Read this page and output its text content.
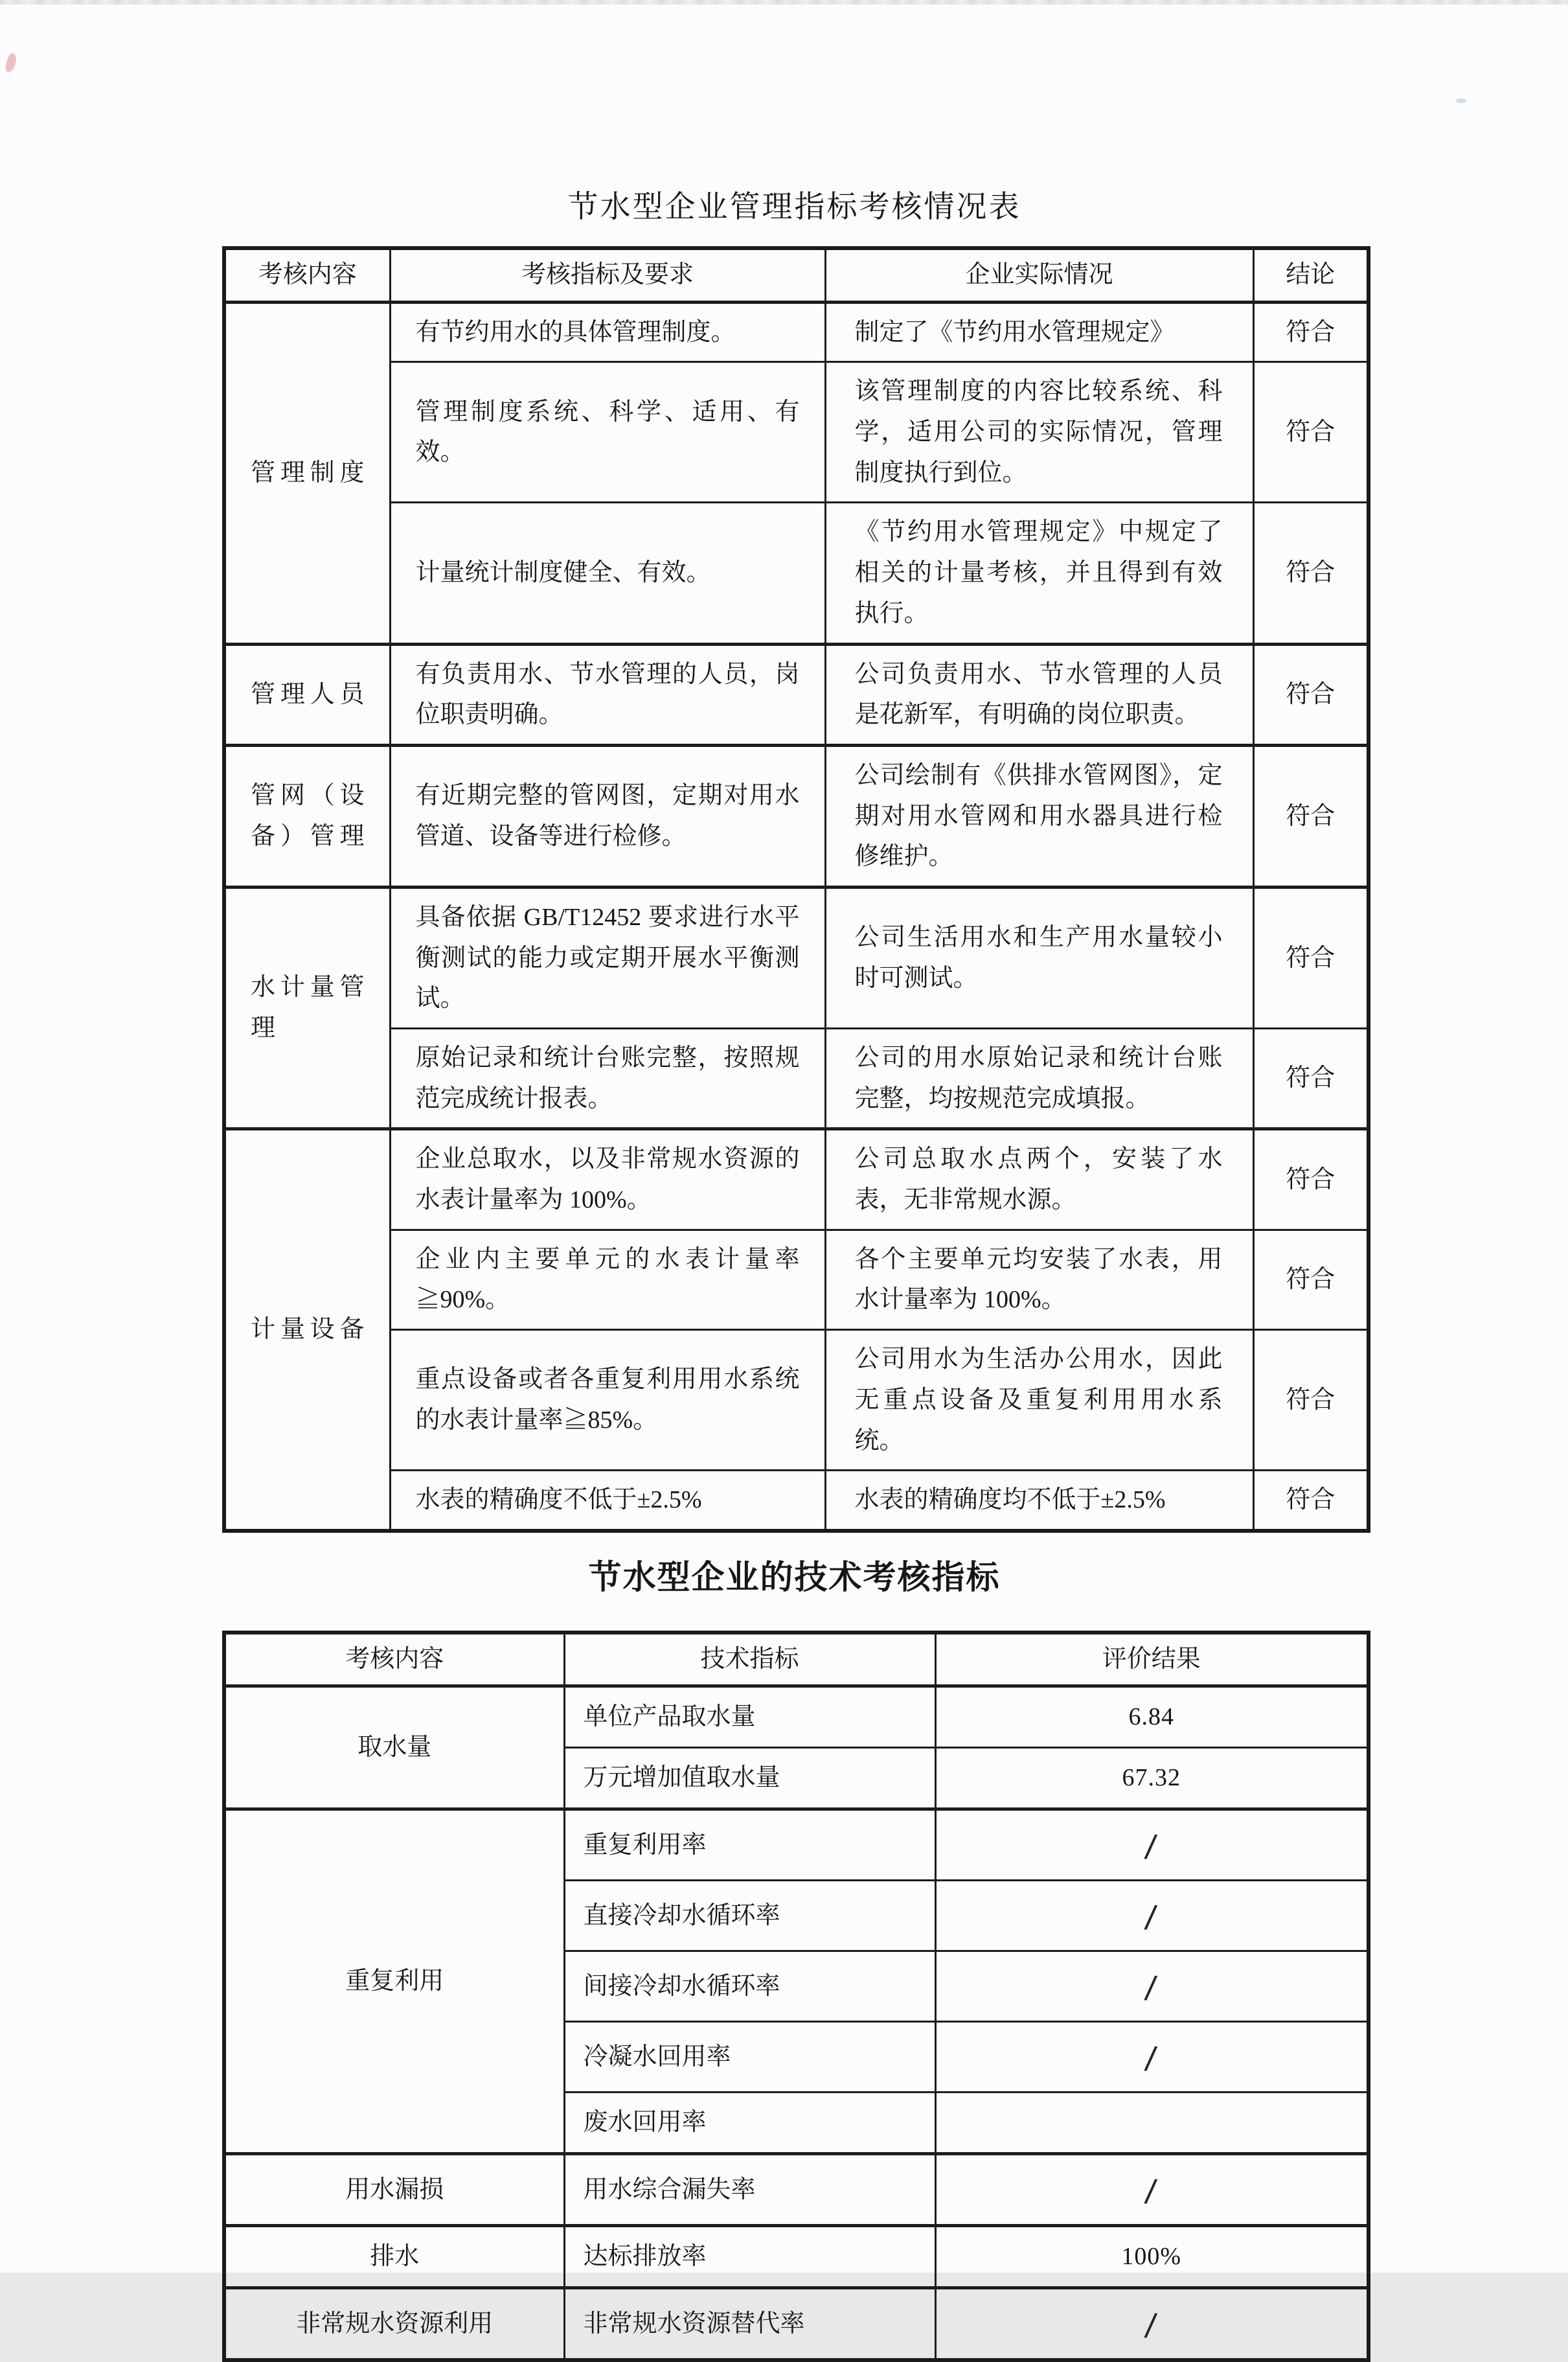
节水型企业管理指标考核情况表
考核内容	考核指标及要求	企业实际情况	结论
管理制度	有节约用水的具体管理制度。	制定了《节约用水管理规定》	符合
	管理制度系统、科学、适用、有效。	该管理制度的内容比较系统、科学，适用公司的实际情况，管理制度执行到位。	符合
	计量统计制度健全、有效。	《节约用水管理规定》中规定了相关的计量考核，并且得到有效执行。	符合
管理人员	有负责用水、节水管理的人员，岗位职责明确。	公司负责用水、节水管理的人员是花新军，有明确的岗位职责。	符合
管网（设备）管理	有近期完整的管网图，定期对用水管道、设备等进行检修。	公司绘制有《供排水管网图》，定期对用水管网和用水器具进行检修维护。	符合
水计量管理	具备依据 GB/T12452 要求进行水平衡测试的能力或定期开展水平衡测试。	公司生活用水和生产用水量较小时可测试。	符合
	原始记录和统计台账完整，按照规范完成统计报表。	公司的用水原始记录和统计台账完整，均按规范完成填报。	符合
计量设备	企业总取水，以及非常规水资源的水表计量率为 100%。	公司总取水点两个，安装了水表，无非常规水源。	符合
	企业内主要单元的水表计量率≧90%。	各个主要单元均安装了水表，用水计量率为 100%。	符合
	重点设备或者各重复利用用水系统的水表计量率≧85%。	公司用水为生活办公用水，因此无重点设备及重复利用用水系统。	符合
	水表的精确度不低于±2.5%	水表的精确度均不低于±2.5%	符合
节水型企业的技术考核指标
考核内容	技术指标	评价结果
取水量	单位产品取水量	6.84
	万元增加值取水量	67.32
重复利用	重复利用率	/
	直接冷却水循环率	/
	间接冷却水循环率	/
	冷凝水回用率	/
	废水回用率	
用水漏损	用水综合漏失率	/
排水	达标排放率	100%
非常规水资源利用	非常规水资源替代率	/
